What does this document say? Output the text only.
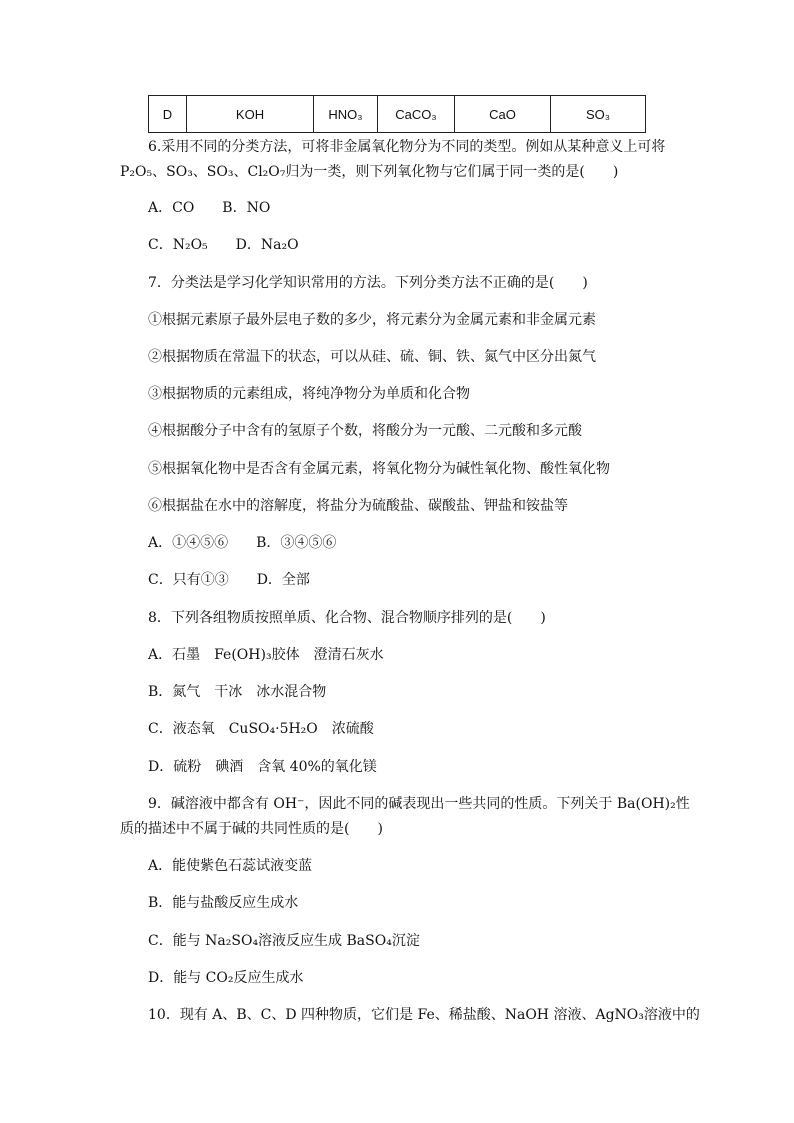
D	KOH	HNO₃	CaCO₃	CaO	SO₃
6.采用不同的分类方法，可将非金属氧化物分为不同的类型。例如从某种意义上可将
P₂O₅、SO₃、SO₃、Cl₂O₇归为一类，则下列氧化物与它们属于同一类的是(　　)
A．CO　　B．NO
C．N₂O₅　　D．Na₂O
7．分类法是学习化学知识常用的方法。下列分类方法不正确的是(　　)
①根据元素原子最外层电子数的多少，将元素分为金属元素和非金属元素
②根据物质在常温下的状态，可以从硅、硫、铜、铁、氮气中区分出氮气
③根据物质的元素组成，将纯净物分为单质和化合物
④根据酸分子中含有的氢原子个数，将酸分为一元酸、二元酸和多元酸
⑤根据氧化物中是否含有金属元素，将氧化物分为碱性氧化物、酸性氧化物
⑥根据盐在水中的溶解度，将盐分为硫酸盐、碳酸盐、钾盐和铵盐等
A．①④⑤⑥　　B．③④⑤⑥
C．只有①③　　D．全部
8．下列各组物质按照单质、化合物、混合物顺序排列的是(　　)
A．石墨　Fe(OH)₃胶体　澄清石灰水
B．氮气　干冰　冰水混合物
C．液态氧　CuSO₄·5H₂O　浓硫酸
D．硫粉　碘酒　含氧 40%的氧化镁
9．碱溶液中都含有 OH⁻，因此不同的碱表现出一些共同的性质。下列关于 Ba(OH)₂性
质的描述中不属于碱的共同性质的是(　　)
A．能使紫色石蕊试液变蓝
B．能与盐酸反应生成水
C．能与 Na₂SO₄溶液反应生成 BaSO₄沉淀
D．能与 CO₂反应生成水
10．现有 A、B、C、D 四种物质，它们是 Fe、稀盐酸、NaOH 溶液、AgNO₃溶液中的
